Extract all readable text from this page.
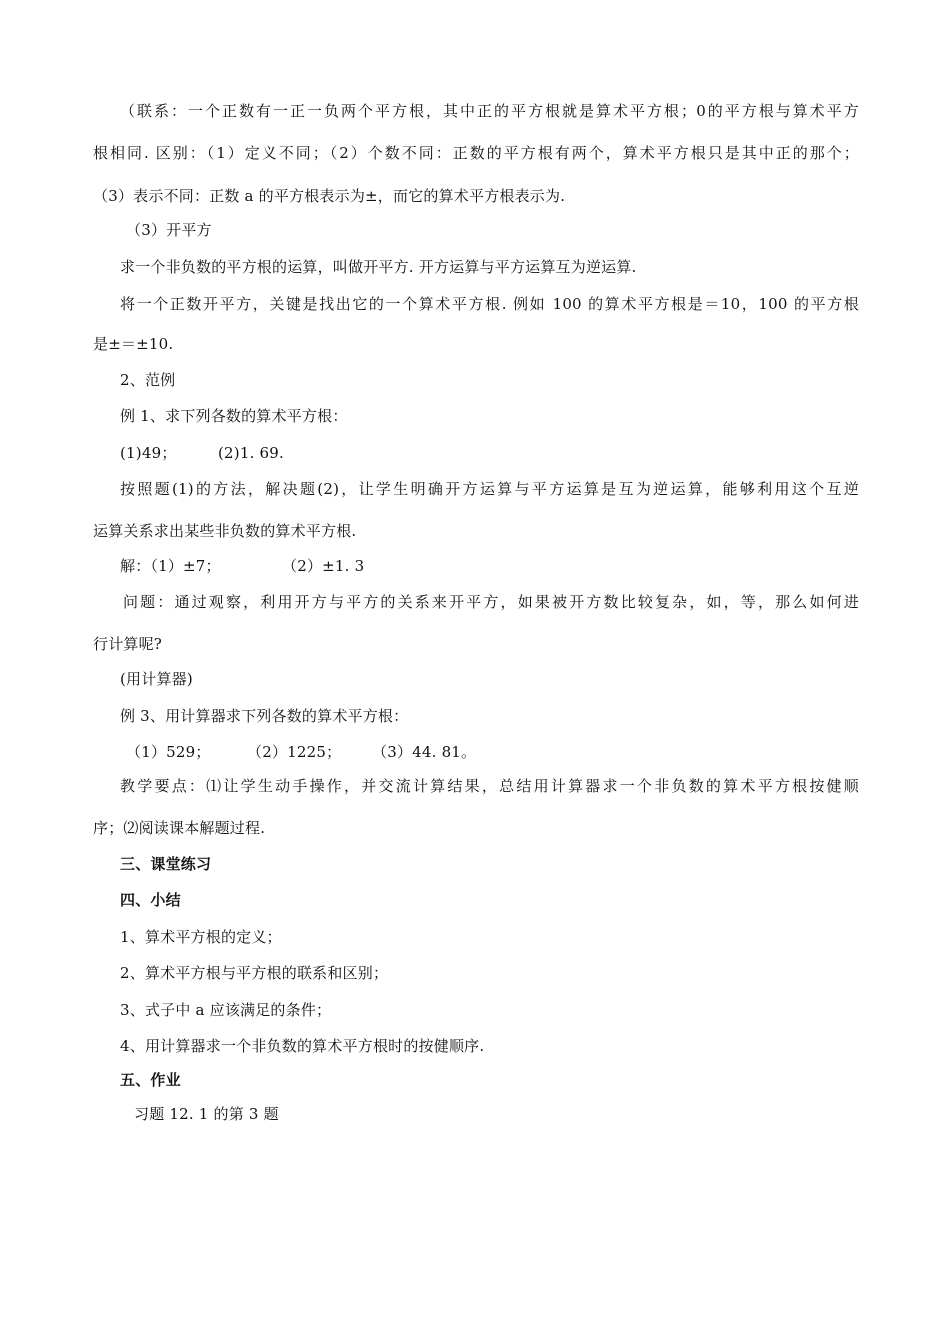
（联系：一个正数有一正一负两个平方根，其中正的平方根就是算术平方根；0的平方根与算术平方
根相同. 区别：（1）定义不同；（2）个数不同：正数的平方根有两个，算术平方根只是其中正的那个；
（3）表示不同：正数 a 的平方根表示为±，而它的算术平方根表示为.
（3）开平方
求一个非负数的平方根的运算，叫做开平方. 开方运算与平方运算互为逆运算.
将一个正数开平方，关键是找出它的一个算术平方根. 例如 100 的算术平方根是＝10，100 的平方根
是±＝±10.
2、范例
例 1、求下列各数的算术平方根：
(1)49；	(2)1. 69.
按照题(1)的方法，解决题(2)，让学生明确开方运算与平方运算是互为逆运算，能够利用这个互逆
运算关系求出某些非负数的算术平方根.
解：（1）±7；	（2）±1. 3
问题：通过观察，利用开方与平方的关系来开平方，如果被开方数比较复杂，如，等，那么如何进
行计算呢?
(用计算器)
例 3、用计算器求下列各数的算术平方根：
（1）529； （2）1225； （3）44. 81。
教学要点：⑴让学生动手操作，并交流计算结果，总结用计算器求一个非负数的算术平方根按健顺
序；⑵阅读课本解题过程.
三、课堂练习
四、小结
1、算术平方根的定义；
2、算术平方根与平方根的联系和区别；
3、式子中 a 应该满足的条件；
4、用计算器求一个非负数的算术平方根时的按健顺序.
五、作业
习题 12. 1 的第 3 题
